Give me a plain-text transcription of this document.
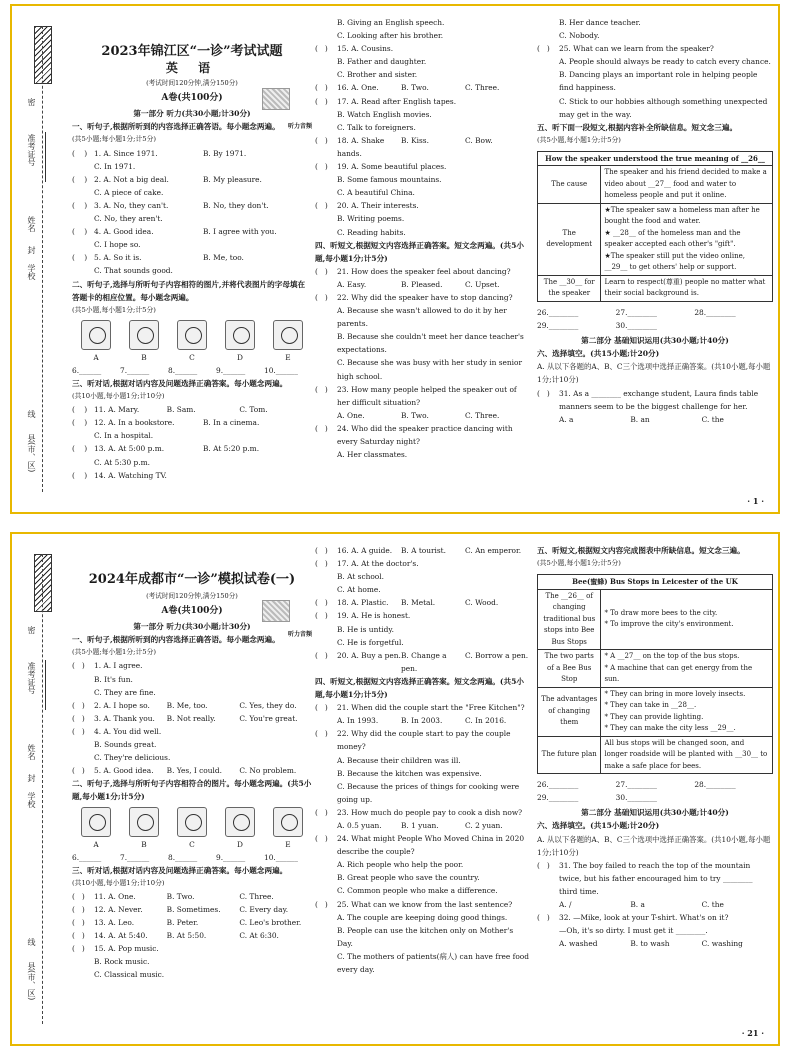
密
准考证号
姓名
封
学校
线
县(市、区)
2023年锦江区“一诊”考试试题
英 语
(考试时间120分钟,满分150分)
听力音频
A卷(共100分)
第一部分 听力(共30小题;计30分)
一、听句子,根据所听到的内容选择正确答语。每小题念两遍。
(共5小题;每小题1分;计5分)
(    ) 1. A. Since 1971.	B. By 1971.
C. In 1971.
(    ) 2. A. Not a big deal.	B. My pleasure.
C. A piece of cake.
(    ) 3. A. No, they can't.	B. No, they don't.
C. No, they aren't.
(    ) 4. A. Good idea.	B. I agree with you.
C. I hope so.
(    ) 5. A. So it is.	B. Me, too.
C. That sounds good.
二、听句子,选择与所听句子内容相符的图片,并将代表图片的字母填在答题卡的相应位置。每小题念两遍。
(共5小题,每小题1分;计5分)
A	B	C	D	E
6.______	7.______	8.______	9.______	10.______
三、听对话,根据对话内容及问题选择正确答案。每小题念两遍。
(共10小题,每小题1分;计10分)
(    ) 11. A. Mary.	B. Sam.	C. Tom.
(    ) 12. A. In a bookstore.	B. In a cinema.
C. In a hospital.
(    ) 13. A. At 5:00 p.m.	B. At 5:20 p.m.
C. At 5:30 p.m.
(    ) 14. A. Watching TV.
B. Giving an English speech.
C. Looking after his brother.
(   )	15. A. Cousins.
B. Father and daughter.
C. Brother and sister.
(   )	16. A. One.	B. Two.	C. Three.
(   )	17. A. Read after English tapes.
B. Watch English movies.
C. Talk to foreigners.
(   )	18. A. Shake hands.
B. Kiss.	C. Bow.
(   )	19. A. Some beautiful places.
B. Some famous mountains.
C. A beautiful China.
(   )	20. A. Their interests.
B. Writing poems.
C. Reading habits.
四、听短文,根据短文内容选择正确答案。短文念两遍。(共5小题,每小题1分;计5分)
(   )	21. How does the speaker feel about dancing?
A. Easy.	B. Pleased.	C. Upset.
(   )	22. Why did the speaker have to stop dancing?
A. Because she wasn't allowed to do it by her parents.
B. Because she couldn't meet her dance teacher's expectations.
C. Because she was busy with her study in senior high school.
(   )	23. How many people helped the speaker out of her difficult situation?
A. One.	B. Two.	C. Three.
(   )	24. Who did the speaker practice dancing with every Saturday night?
A. Her classmates.
B. Her dance teacher.
C. Nobody.
(   )	25. What can we learn from the speaker?
A. People should always be ready to catch every chance.
B. Dancing plays an important role in helping people find happiness.
C. Stick to our hobbies although something unexpected may get in the way.
五、听下面一段短文,根据内容补全所缺信息。短文念三遍。
(共5小题,每小题1分;计5分)
How the speaker understood the true meaning of __26__	
The cause	The speaker and his friend decided to make a video about __27__ food and water to homeless people and put it online.
The development	★The speaker saw a homeless man after he bought the food and water.
★ __28__ of the homeless man and the speaker accepted each other's "gift".
★The speaker still put the video online, __29__ to get others' help or support.

The __30__ for the speaker	Learn to respect(尊重) people no matter what their social background is.
26.________	27.________	28.________
29.________	30.________
第二部分 基础知识运用(共30小题;计40分)
六、选择填空。(共15小题;计20分)
A. 从以下各题的A、B、C三个选项中选择正确答案。(共10小题,每小题1分;计10分)
(   )	31. As a ________ exchange student, Laura finds table manners seem to be the biggest challenge for her.
A. a	B. an	C. the
· 1 ·
密
准考证号
姓名
封
学校
线
县(市、区)
2024年成都市“一诊”模拟试卷(一)
(考试时间120分钟,满分150分)
听力音频
A卷(共100分)
第一部分 听力(共30小题;计30分)
一、听句子,根据所听到的内容选择正确答语。每小题念两遍。
(共5小题;每小题1分;计5分)
(   )	1. A. I agree.
B. It's fun.
C. They are fine.
(   )	2. A. I hope so.	B. Me, too.	C. Yes, they do.
(   )	3. A. Thank you.	B. Not really.	C. You're great.
(   )	4. A. You did well.
B. Sounds great.
C. They're delicious.
(   )	5. A. Good idea.	B. Yes, I could.	C. No problem.
二、听句子,选择与所听句子内容相符合的图片。每小题念两遍。(共5小题,每小题1分;计5分)
A	B	C	D	E
6.______	7.______	8.______	9.______	10.______
三、听对话,根据对话内容及问题选择正确答案。每小题念两遍。
(共10小题,每小题1分;计10分)
(   )	11. A. One.	B. Two.	C. Three.
(   )	12. A. Never.	B. Sometimes.	C. Every day.
(   )	13. A. Leo.	B. Peter.	C. Leo's brother.
(   )	14. A. At 5:40.	B. At 5:50.	C. At 6:30.
(   )	15. A. Pop music.
B. Rock music.
C. Classical music.
(   )	16. A. A guide.	B. A tourist.	C. An emperor.
(   )	17. A. At the doctor's.
B. At school.
C. At home.
(   )	18. A. Plastic.	B. Metal.	C. Wood.
(   )	19. A. He is honest.
B. He is untidy.
C. He is forgetful.
(   )	20. A. Buy a pen. B. Change a pen.
C. Borrow a pen.
四、听短文,根据短文内容选择正确答案。短文念两遍。(共5小题,每小题1分;计5分)
(   )	21. When did the couple start the "Free Kitchen"?
A. In 1993.	B. In 2003.	C. In 2016.
(   )	22. Why did the couple start to pay the couple money?
A. Because their children was ill.
B. Because the kitchen was expensive.
C. Because the prices of things for cooking were going up.
(   )	23. How much do people pay to cook a dish now?
A. 0.5 yuan.	B. 1 yuan.	C. 2 yuan.
(   )	24. What might People Who Moved China in 2020 describe the couple?
A. Rich people who help the poor.
B. Great people who save the country.
C. Common people who make a difference.
(   )	25. What can we know from the last sentence?
A. The couple are keeping doing good things.
B. People can use the kitchen only on Mother's Day.
C. The mothers of patients(病人) can have free food every day.
五、听短文,根据短文内容完成图表中所缺信息。短文念三遍。
(共5小题,每小题1分;计5分)
Bee(蜜蜂) Bus Stops in Leicester of the UK	
The __26__ of changing traditional bus stops into Bee Bus Stops	* To draw more bees to the city.
* To improve the city's environment.

The two parts of a Bee Bus Stop	* A __27__ on the top of the bus stops.
* A machine that can get energy from the sun.

The advantages of changing them	* They can bring in more lovely insects.
* They can take in __28__.
* They can provide lighting.
* They can make the city less __29__.

The future plan	All bus stops will be changed soon, and longer roadside will be planted with __30__ to make a safe place for bees.
26.________	27.________	28.________
29.________	30.________
第二部分 基础知识运用(共30小题;计40分)
六、选择填空。(共15小题;计20分)
A. 从以下各题的A、B、C三个选项中选择正确答案。(共10小题,每小题1分;计10分)
(   )	31. The boy failed to reach the top of the mountain twice, but his father encouraged him to try ________ third time.
A. /	B. a	C. the
(   )	32. —Mike, look at your T-shirt. What's on it?
—Oh, it's so dirty. I must get it ________.
A. washed	B. to wash	C. washing
· 21 ·
